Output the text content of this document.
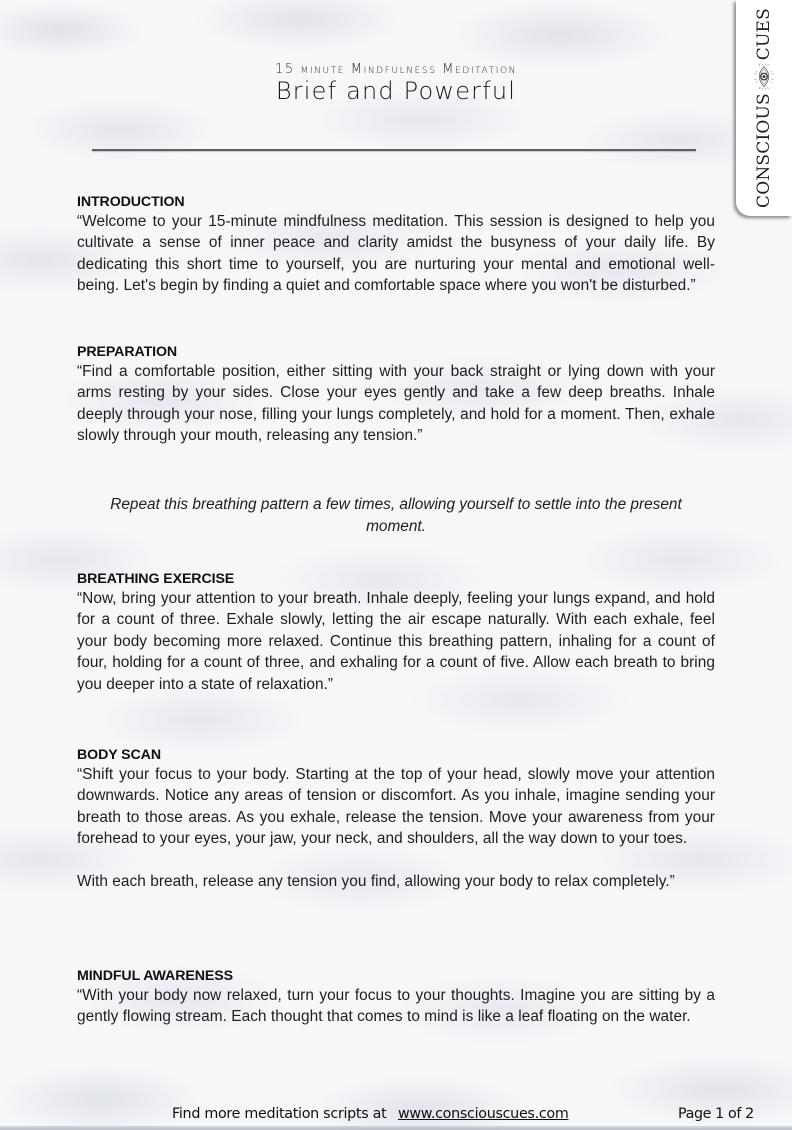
CONSCIOUS
CUES
15 minute Mindfulness Meditation
Brief and Powerful
INTRODUCTION

“Welcome to your 15-minute mindfulness meditation. This session is designed to help you cultivate a sense of inner peace and clarity amidst the busyness of your daily life. By dedicating this short time to yourself, you are nurturing your mental and emotional well-being. Let's begin by finding a quiet and comfortable space where you won't be disturbed.”

PREPARATION

“Find a comfortable position, either sitting with your back straight or lying down with your arms resting by your sides. Close your eyes gently and take a few deep breaths. Inhale deeply through your nose, filling your lungs completely, and hold for a moment. Then, exhale slowly through your mouth, releasing any tension.”

Repeat this breathing pattern a few times, allowing yourself to settle into the present moment.

BREATHING EXERCISE

“Now, bring your attention to your breath. Inhale deeply, feeling your lungs expand, and hold for a count of three. Exhale slowly, letting the air escape naturally. With each exhale, feel your body becoming more relaxed. Continue this breathing pattern, inhaling for a count of four, holding for a count of three, and exhaling for a count of five. Allow each breath to bring you deeper into a state of relaxation.”

BODY SCAN

“Shift your focus to your body. Starting at the top of your head, slowly move your attention downwards. Notice any areas of tension or discomfort. As you inhale, imagine sending your breath to those areas. As you exhale, release the tension. Move your awareness from your forehead to your eyes, your jaw, your neck, and shoulders, all the way down to your toes.

With each breath, release any tension you find, allowing your body to relax completely.”

MINDFUL AWARENESS

“With your body now relaxed, turn your focus to your thoughts. Imagine you are sitting by a gently flowing stream. Each thought that comes to mind is like a leaf floating on the water.

Find more meditation scripts at www.consciouscues.com	Page 1 of 2
